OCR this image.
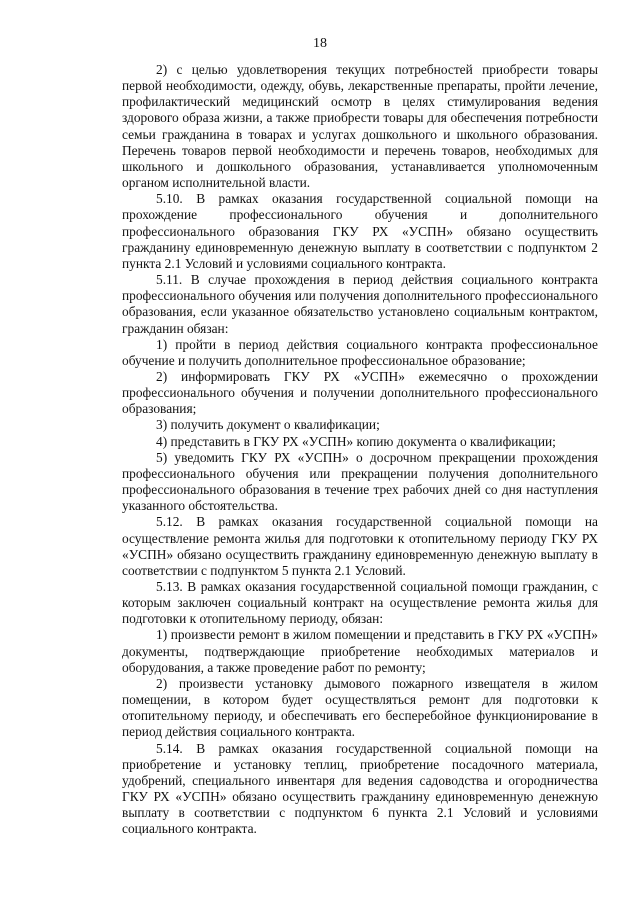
18

2) с целью удовлетворения текущих потребностей приобрести товары первой необходимости, одежду, обувь, лекарственные препараты, пройти лечение, профилактический медицинский осмотр в целях стимулирования ведения здорового образа жизни, а также приобрести товары для обеспечения потребности семьи гражданина в товарах и услугах дошкольного и школьного образования. Перечень товаров первой необходимости и перечень товаров, необходимых для школьного и дошкольного образования, устанавливается уполномоченным органом исполнительной власти.

5.10. В рамках оказания государственной социальной помощи на прохождение профессионального обучения и дополнительного профессионального образования ГКУ РХ «УСПН» обязано осуществить гражданину единовременную денежную выплату в соответствии с подпунктом 2 пункта 2.1 Условий и условиями социального контракта.

5.11. В случае прохождения в период действия социального контракта профессионального обучения или получения дополнительного профессионального образования, если указанное обязательство установлено социальным контрактом, гражданин обязан:

1) пройти в период действия социального контракта профессиональное обучение и получить дополнительное профессиональное образование;

2) информировать ГКУ РХ «УСПН» ежемесячно о прохождении профессионального обучения и получении дополнительного профессионального образования;

3) получить документ о квалификации;

4) представить в ГКУ РХ «УСПН» копию документа о квалификации;

5) уведомить ГКУ РХ «УСПН» о досрочном прекращении прохождения профессионального обучения или прекращении получения дополнительного профессионального образования в течение трех рабочих дней со дня наступления указанного обстоятельства.

5.12. В рамках оказания государственной социальной помощи на осуществление ремонта жилья для подготовки к отопительному периоду ГКУ РХ «УСПН» обязано осуществить гражданину единовременную денежную выплату в соответствии с подпунктом 5 пункта 2.1 Условий.

5.13. В рамках оказания государственной социальной помощи гражданин, с которым заключен социальный контракт на осуществление ремонта жилья для подготовки к отопительному периоду, обязан:

1) произвести ремонт в жилом помещении и представить в ГКУ РХ «УСПН» документы, подтверждающие приобретение необходимых материалов и оборудования, а также проведение работ по ремонту;

2) произвести установку дымового пожарного извещателя в жилом помещении, в котором будет осуществляться ремонт для подготовки к отопительному периоду, и обеспечивать его бесперебойное функционирование в период действия социального контракта.

5.14. В рамках оказания государственной социальной помощи на приобретение и установку теплиц, приобретение посадочного материала, удобрений, специального инвентаря для ведения садоводства и огородничества ГКУ РХ «УСПН» обязано осуществить гражданину единовременную денежную выплату в соответствии с подпунктом 6 пункта 2.1 Условий и условиями социального контракта.
